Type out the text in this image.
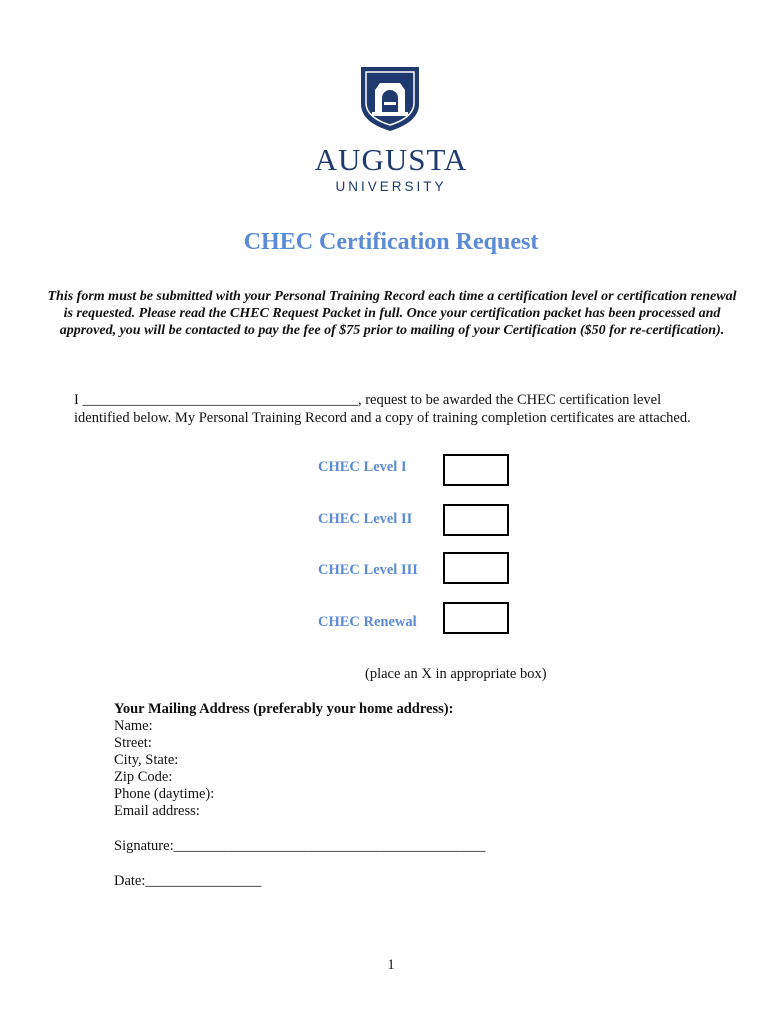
AUGUSTA
UNIVERSITY
CHEC Certification Request
This form must be submitted with your Personal Training Record each time a certification level or certification renewal is requested. Please read the CHEC Request Packet in full. Once your certification packet has been processed and approved, you will be contacted to pay the fee of $75 prior to mailing of your Certification ($50 for re-certification).
I ______________________________________, request to be awarded the CHEC certification level
identified below. My Personal Training Record and a copy of training completion certificates are attached.
CHEC Level I
CHEC Level II
CHEC Level III
CHEC Renewal
(place an X in appropriate box)
Your Mailing Address (preferably your home address):
Name:
Street:
City, State:
Zip Code:
Phone (daytime):
Email address:
Signature:___________________________________________
Date:________________
1
